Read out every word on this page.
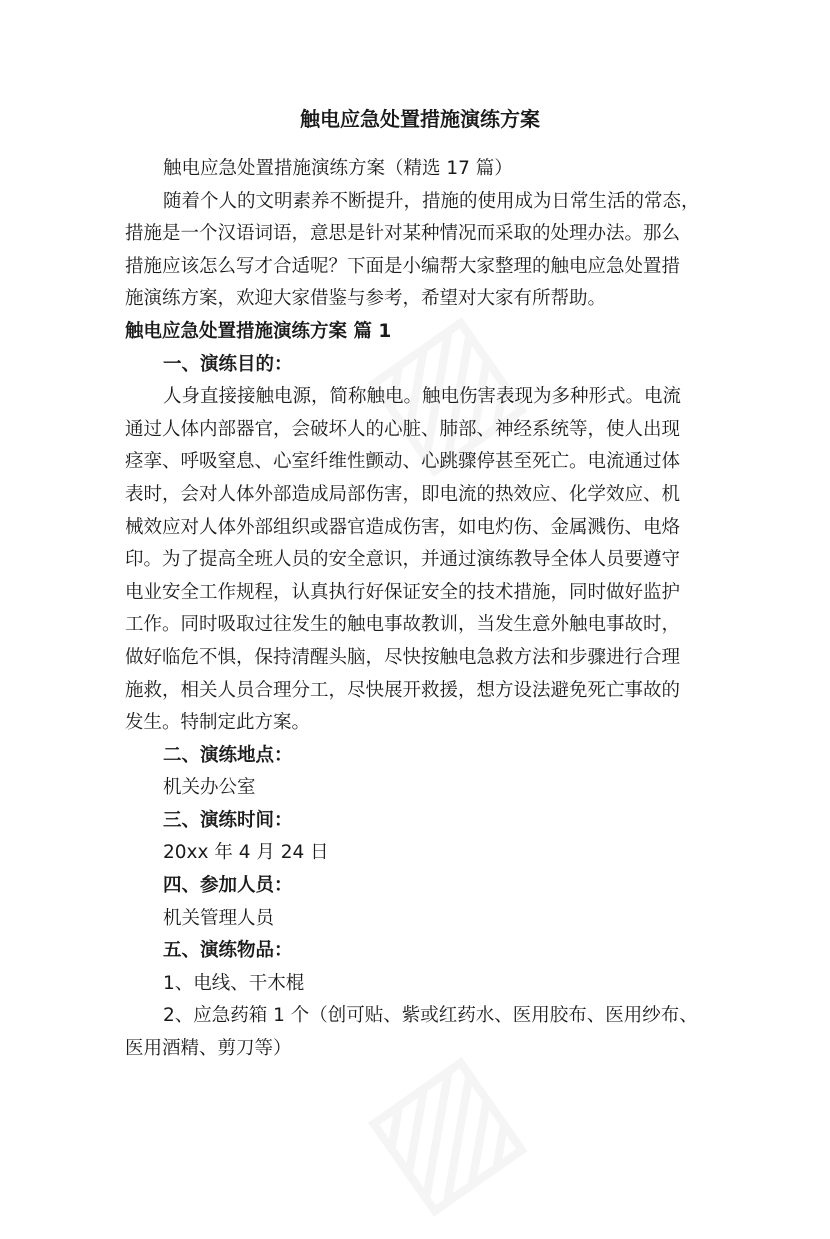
触电应急处置措施演练方案
触电应急处置措施演练方案（精选 17 篇）
随着个人的文明素养不断提升，措施的使用成为日常生活的常态，
措施是一个汉语词语，意思是针对某种情况而采取的处理办法。那么
措施应该怎么写才合适呢？下面是小编帮大家整理的触电应急处置措
施演练方案，欢迎大家借鉴与参考，希望对大家有所帮助。
触电应急处置措施演练方案 篇 1
一、演练目的：
人身直接接触电源，简称触电。触电伤害表现为多种形式。电流
通过人体内部器官，会破坏人的心脏、肺部、神经系统等，使人出现
痉挛、呼吸窒息、心室纤维性颤动、心跳骤停甚至死亡。电流通过体
表时，会对人体外部造成局部伤害，即电流的热效应、化学效应、机
械效应对人体外部组织或器官造成伤害，如电灼伤、金属溅伤、电烙
印。为了提高全班人员的安全意识，并通过演练教导全体人员要遵守
电业安全工作规程，认真执行好保证安全的技术措施，同时做好监护
工作。同时吸取过往发生的触电事故教训，当发生意外触电事故时，
做好临危不惧，保持清醒头脑，尽快按触电急救方法和步骤进行合理
施救，相关人员合理分工，尽快展开救援，想方设法避免死亡事故的
发生。特制定此方案。
二、演练地点：
机关办公室
三、演练时间：
20xx 年 4 月 24 日
四、参加人员：
机关管理人员
五、演练物品：
1、电线、干木棍
2、应急药箱 1 个（创可贴、紫或红药水、医用胶布、医用纱布、
医用酒精、剪刀等）
